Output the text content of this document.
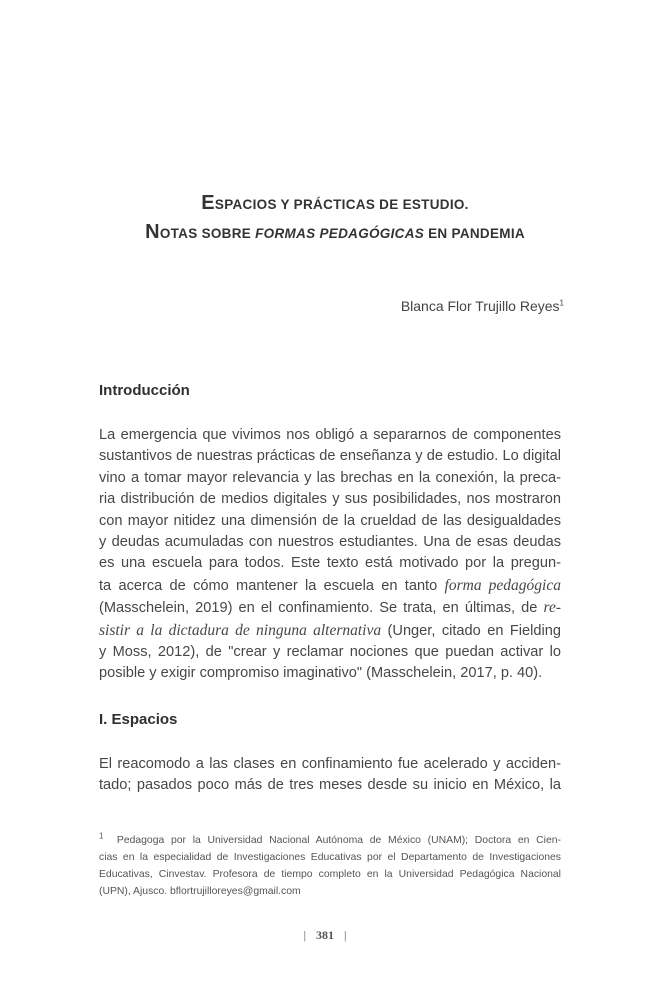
ESPACIOS Y PRÁCTICAS DE ESTUDIO.
NOTAS SOBRE FORMAS PEDAGÓGICAS EN PANDEMIA
Blanca Flor Trujillo Reyes$^1$
Introducción

La emergencia que vivimos nos obligó a separarnos de componentes
sustantivos de nuestras prácticas de enseñanza y de estudio. Lo digital
vino a tomar mayor relevancia y las brechas en la conexión, la preca-
ria distribución de medios digitales y sus posibilidades, nos mostraron
con mayor nitidez una dimensión de la crueldad de las desigualdades
y deudas acumuladas con nuestros estudiantes. Una de esas deudas
es una escuela para todos. Este texto está motivado por la pregun-
ta acerca de cómo mantener la escuela en tanto forma pedagógica
(Masschelein, 2019) en el confinamiento. Se trata, en últimas, de re-
sistir a la dictadura de ninguna alternativa (Unger, citado en Fielding
y Moss, 2012), de "crear y reclamar nociones que puedan activar lo
posible y exigir compromiso imaginativo" (Masschelein, 2017, p. 40).

I. Espacios

El reacomodo a las clases en confinamiento fue acelerado y acciden-
tado; pasados poco más de tres meses desde su inicio en México, la

$^1$ Pedagoga por la Universidad Nacional Autónoma de México (UNAM); Doctora en Cien-
cias en la especialidad de Investigaciones Educativas por el Departamento de Investigaciones
Educativas, Cinvestav. Profesora de tiempo completo en la Universidad Pedagógica Nacional
(UPN), Ajusco. bflortrujilloreyes@gmail.com

| 381 |
